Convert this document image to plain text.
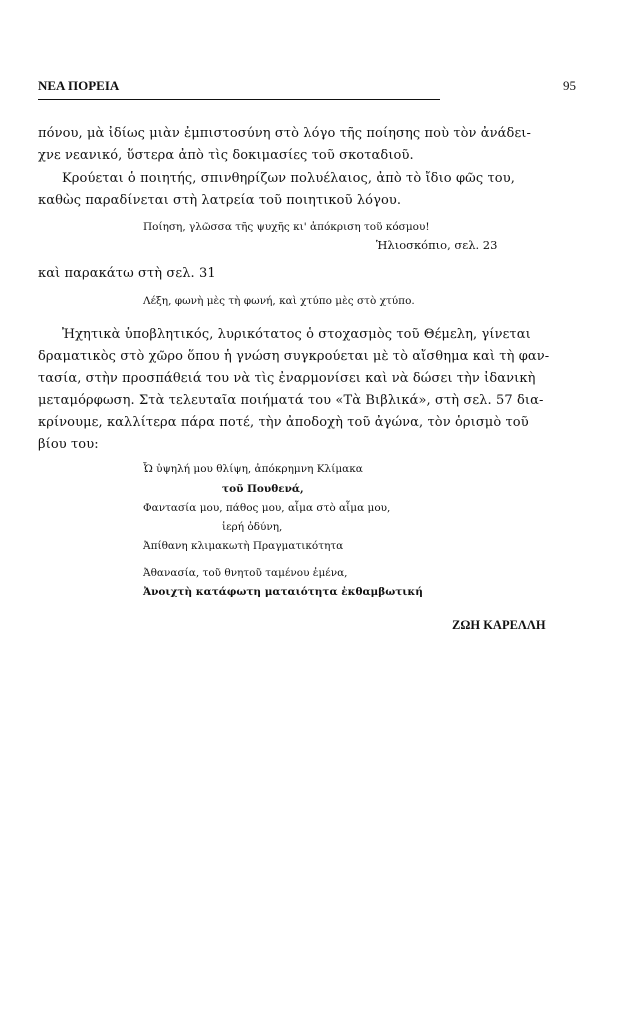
ΝΕΑ ΠΟΡΕΙΑ	95
πόνου, μὰ ἰδίως μιὰν ἐμπιστοσύνη στὸ λόγο τῆς ποίησης ποὺ τὸν ἀνάδει-
χνε νεανικό, ὕστερα ἀπὸ τὶς δοκιμασίες τοῦ σκοταδιοῦ.
Κρούεται ὁ ποιητής, σπινθηρίζων πολυέλαιος, ἀπὸ τὸ ἴδιο φῶς του,
καθὼς παραδίνεται στὴ λατρεία τοῦ ποιητικοῦ λόγου.
Ποίηση, γλῶσσα τῆς ψυχῆς κι' ἀπόκριση τοῦ κόσμου!
Ἡλιοσκόπιο, σελ. 23
καὶ παρακάτω στὴ σελ. 31
Λέξη, φωνὴ μὲς τὴ φωνή, καὶ χτύπο μὲς στὸ χτύπο.
Ἠχητικὰ ὑποβλητικός, λυρικότατος ὁ στοχασμὸς τοῦ Θέμελη, γίνεται
δραματικὸς στὸ χῶρο ὅπου ἡ γνώση συγκρούεται μὲ τὸ αἴσθημα καὶ τὴ φαν-
τασία, στὴν προσπάθειά του νὰ τὶς ἐναρμονίσει καὶ νὰ δώσει τὴν ἰδανικὴ
μεταμόρφωση. Στὰ τελευταῖα ποιήματά του «Τὰ Βιβλικά», στὴ σελ. 57 δια-
κρίνουμε, καλλίτερα πάρα ποτέ, τὴν ἀποδοχὴ τοῦ ἀγώνα, τὸν ὁρισμὸ τοῦ
βίου του:
Ὦ ὑψηλή μου θλίψη, ἀπόκρημνη Κλίμακα
τοῦ Πουθενά,
Φαντασία μου, πάθος μου, αἷμα στὸ αἷμα μου,
ἱερή ὀδύνη,
Ἀπίθανη κλιμακωτὴ Πραγματικότητα
Ἀθανασία, τοῦ θνητοῦ ταμένου ἐμένα,
Ἀνοιχτὴ κατάφωτη ματαιότητα ἐκθαμβωτική
ΖΩΗ ΚΑΡΕΛΛΗ
